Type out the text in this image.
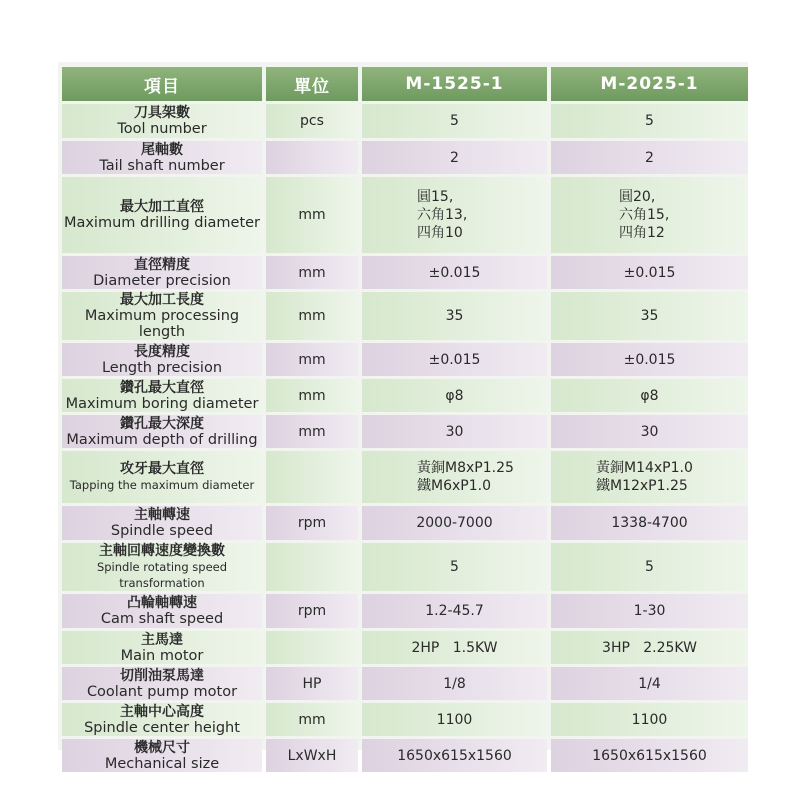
項目	單位	M-1525-1	M-2025-1

刀具架數
Tool number	pcs	5	5

尾軸數
Tail shaft number		2	2

最大加工直徑
Maximum drilling diameter	mm	圓15,
六角13,
四角10	圓20,
六角15,
四角12

直徑精度
Diameter precision	mm	±0.015	±0.015

最大加工長度
Maximum processing length	mm	35	35

長度精度
Length precision	mm	±0.015	±0.015

鑽孔最大直徑
Maximum boring diameter	mm	φ8	φ8

鑽孔最大深度
Maximum depth of drilling	mm	30	30

攻牙最大直徑
Tapping the maximum diameter		黃銅M8xP1.25
鐵M6xP1.0	黃銅M14xP1.0
鐵M12xP1.25

主軸轉速
Spindle speed	rpm	2000-7000	1338-4700

主軸回轉速度變換數
Spindle rotating speed transformation		5	5

凸輪軸轉速
Cam shaft speed	rpm	1.2-45.7	1-30

主馬達
Main motor		2HP   1.5KW	3HP   2.25KW

切削油泵馬達
Coolant pump motor	HP	1/8	1/4

主軸中心高度
Spindle center height	mm	1100	1100

機械尺寸
Mechanical size	LxWxH	1650x615x1560	1650x615x1560
